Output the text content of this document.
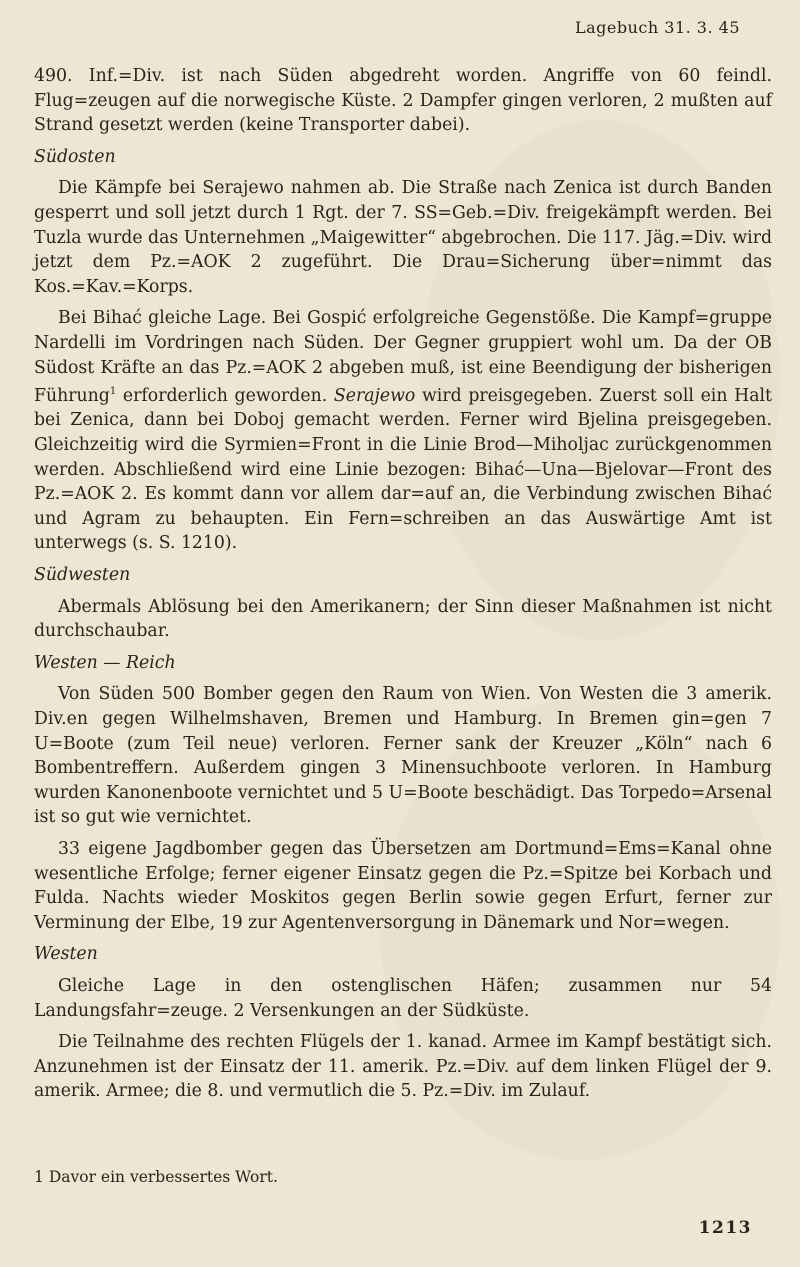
Lagebuch 31. 3. 45

490. Inf.=Div. ist nach Süden abgedreht worden. Angriffe von 60 feindl. Flug=zeugen auf die norwegische Küste. 2 Dampfer gingen verloren, 2 mußten auf Strand gesetzt werden (keine Transporter dabei).

Südosten

Die Kämpfe bei Serajewo nahmen ab. Die Straße nach Zenica ist durch Banden gesperrt und soll jetzt durch 1 Rgt. der 7. SS=Geb.=Div. freigekämpft werden. Bei Tuzla wurde das Unternehmen „Maigewitter“ abgebrochen. Die 117. Jäg.=Div. wird jetzt dem Pz.=AOK 2 zugeführt. Die Drau=Sicherung über=nimmt das Kos.=Kav.=Korps.

Bei Bihać gleiche Lage. Bei Gospić erfolgreiche Gegenstöße. Die Kampf=gruppe Nardelli im Vordringen nach Süden. Der Gegner gruppiert wohl um. Da der OB Südost Kräfte an das Pz.=AOK 2 abgeben muß, ist eine Beendigung der bisherigen Führung$^1$ erforderlich geworden. Serajewo wird preisgegeben. Zuerst soll ein Halt bei Zenica, dann bei Doboj gemacht werden. Ferner wird Bjelina preisgegeben. Gleichzeitig wird die Syrmien=Front in die Linie Brod—Miholjac zurückgenommen werden. Abschließend wird eine Linie bezogen: Bihać—Una—Bjelovar—Front des Pz.=AOK 2. Es kommt dann vor allem dar=auf an, die Verbindung zwischen Bihać und Agram zu behaupten. Ein Fern=schreiben an das Auswärtige Amt ist unterwegs (s. S. 1210).

Südwesten

Abermals Ablösung bei den Amerikanern; der Sinn dieser Maßnahmen ist nicht durchschaubar.

Westen — Reich

Von Süden 500 Bomber gegen den Raum von Wien. Von Westen die 3 amerik. Div.en gegen Wilhelmshaven, Bremen und Hamburg. In Bremen gin=gen 7 U=Boote (zum Teil neue) verloren. Ferner sank der Kreuzer „Köln“ nach 6 Bombentreffern. Außerdem gingen 3 Minensuchboote verloren. In Hamburg wurden Kanonenboote vernichtet und 5 U=Boote beschädigt. Das Torpedo=Arsenal ist so gut wie vernichtet.

33 eigene Jagdbomber gegen das Übersetzen am Dortmund=Ems=Kanal ohne wesentliche Erfolge; ferner eigener Einsatz gegen die Pz.=Spitze bei Korbach und Fulda. Nachts wieder Moskitos gegen Berlin sowie gegen Erfurt, ferner zur Verminung der Elbe, 19 zur Agentenversorgung in Dänemark und Nor=wegen.

Westen

Gleiche Lage in den ostenglischen Häfen; zusammen nur 54 Landungsfahr=zeuge. 2 Versenkungen an der Südküste.

Die Teilnahme des rechten Flügels der 1. kanad. Armee im Kampf bestätigt sich. Anzunehmen ist der Einsatz der 11. amerik. Pz.=Div. auf dem linken Flügel der 9. amerik. Armee; die 8. und vermutlich die 5. Pz.=Div. im Zulauf.

1 Davor ein verbessertes Wort.
1213
